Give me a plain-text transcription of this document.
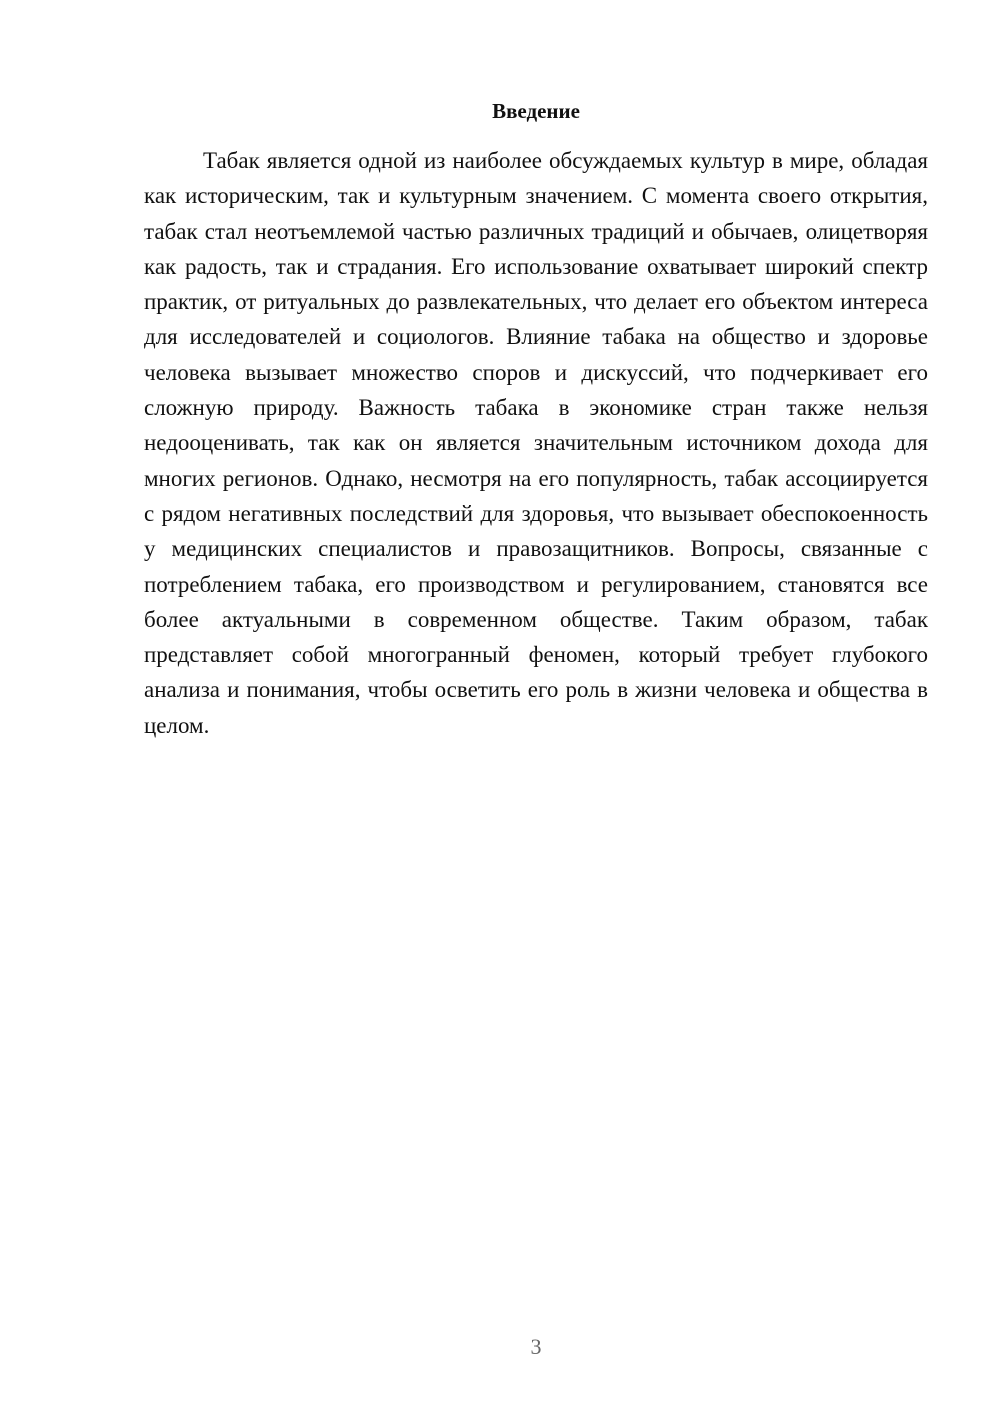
Введение

Табак является одной из наиболее обсуждаемых культур в мире, обладая как историческим, так и культурным значением. С момента своего открытия, табак стал неотъемлемой частью различных традиций и обычаев, олицетворяя как радость, так и страдания. Его использование охватывает широкий спектр практик, от ритуальных до развлекательных, что делает его объектом интереса для исследователей и социологов. Влияние табака на общество и здоровье человека вызывает множество споров и дискуссий, что подчеркивает его сложную природу. Важность табака в экономике стран также нельзя недооценивать, так как он является значительным источником дохода для многих регионов. Однако, несмотря на его популярность, табак ассоциируется с рядом негативных последствий для здоровья, что вызывает обеспокоенность у медицинских специалистов и правозащитников. Вопросы, связанные с потреблением табака, его производством и регулированием, становятся все более актуальными в современном обществе. Таким образом, табак представляет собой многогранный феномен, который требует глубокого анализа и понимания, чтобы осветить его роль в жизни человека и общества в целом.

3
